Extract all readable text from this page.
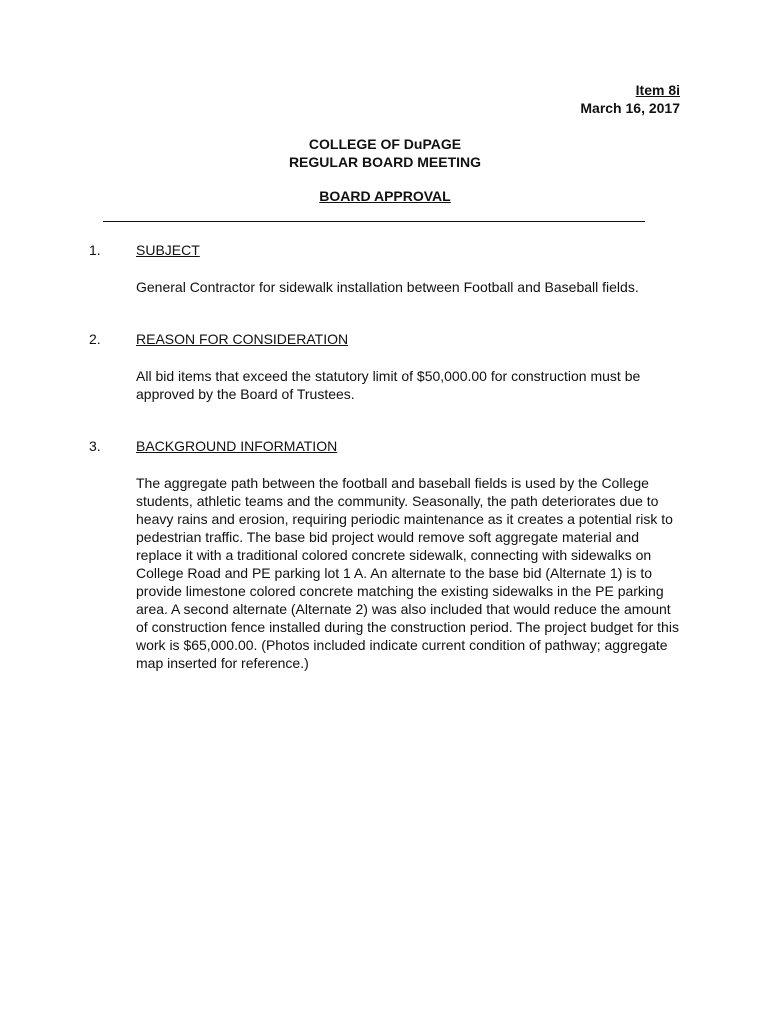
Item 8i
March 16, 2017
COLLEGE OF DuPAGE
REGULAR BOARD MEETING
BOARD APPROVAL
1.	SUBJECT
General Contractor for sidewalk installation between Football and Baseball fields.
2.	REASON FOR CONSIDERATION
All bid items that exceed the statutory limit of $50,000.00 for construction must be approved by the Board of Trustees.
3.	BACKGROUND INFORMATION
The aggregate path between the football and baseball fields is used by the College students, athletic teams and the community. Seasonally, the path deteriorates due to heavy rains and erosion, requiring periodic maintenance as it creates a potential risk to pedestrian traffic. The base bid project would remove soft aggregate material and replace it with a traditional colored concrete sidewalk, connecting with sidewalks on College Road and PE parking lot 1 A. An alternate to the base bid (Alternate 1) is to provide limestone colored concrete matching the existing sidewalks in the PE parking area. A second alternate (Alternate 2) was also included that would reduce the amount of construction fence installed during the construction period. The project budget for this work is $65,000.00. (Photos included indicate current condition of pathway; aggregate map inserted for reference.)
